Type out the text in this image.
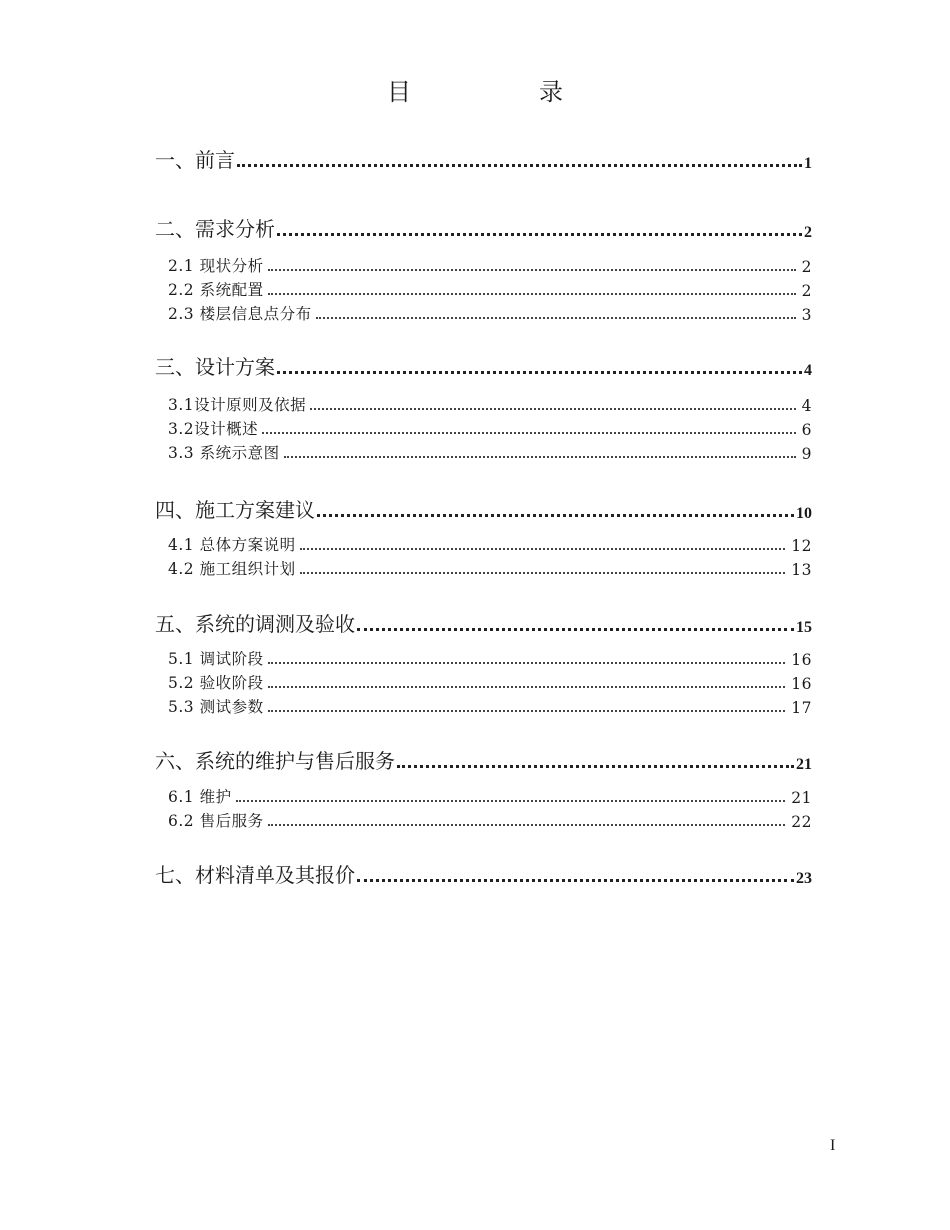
目　录
一、前言	1
二、需求分析	2
2.1 现状分析	2
2.2 系统配置	2
2.3 楼层信息点分布	3
三、设计方案	4
3.1设计原则及依据	4
3.2设计概述	6
3.3 系统示意图	9
四、施工方案建议	10
4.1 总体方案说明	12
4.2 施工组织计划	13
五、系统的调测及验收	15
5.1 调试阶段	16
5.2 验收阶段	16
5.3 测试参数	17
六、系统的维护与售后服务	21
6.1 维护	21
6.2 售后服务	22
七、材料清单及其报价	23
I
